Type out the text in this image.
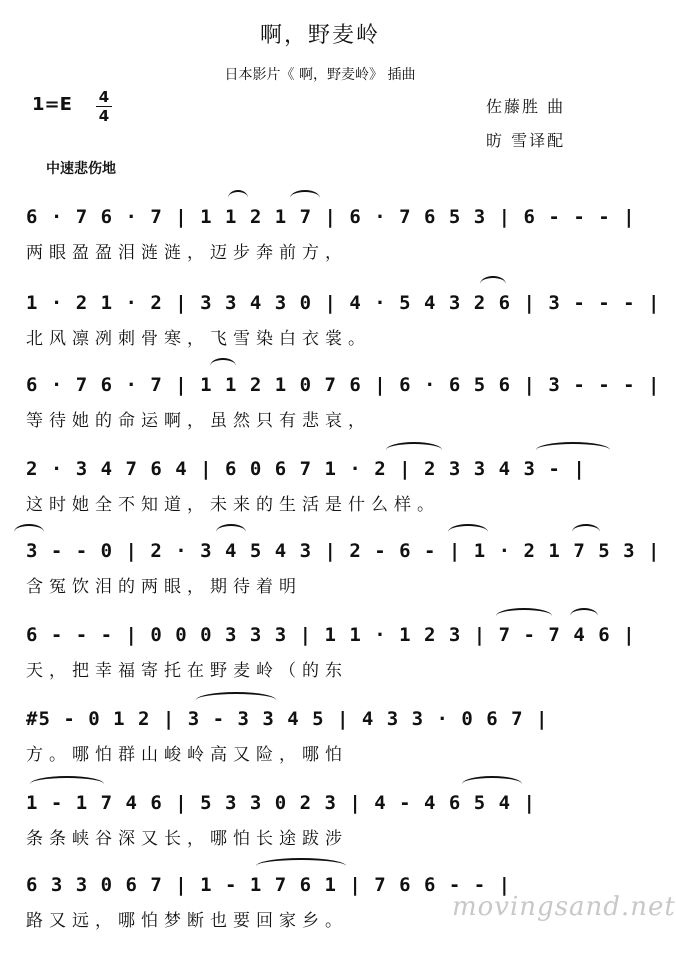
啊，野麦岭
日本影片《 啊，野麦岭》 插曲
1=E 4
4	佐藤胜 曲
昉 雪译配
中速悲伤地
6 · 7 6 · 7 | 1 1 2 1 7 | 6 · 7 6 5 3 | 6 - - - |
两眼盈盈泪涟涟，迈步奔前方，
1 · 2 1 · 2 | 3 3 4 3 0 | 4 · 5 4 3 2 6 | 3 - - - |
北风凛冽刺骨寒，飞雪染白衣裳。
6 · 7 6 · 7 | 1 1 2 1 0 7 6 | 6 · 6 5 6 | 3 - - - |
等待她的命运啊，虽然只有悲哀，
2 · 3 4 7 6 4 | 6 0 6 7 1 · 2 | 2 3 3 4 3 - |
这时她全不知道，未来的生活是什么样。
3 - - 0 | 2 · 3 4 5 4 3 | 2 - 6 - | 1 · 2 1 7 5 3 |
含冤饮泪的两眼，期待着明
6 - - - | 0 0 0 3 3 3 | 1 1 · 1 2 3 | 7 - 7 4 6 |
天，把幸福寄托在野麦岭（的东
#5 - 0 1 2 | 3 - 3 3 4 5 | 4 3 3 · 0 6 7 |
方。哪怕群山峻岭高又险，哪怕
1 - 1 7 4 6 | 5 3 3 0 2 3 | 4 - 4 6 5 4 |
条条峡谷深又长，哪怕长途跋涉
6 3 3 0 6 7 | 1 - 1 7 6 1 | 7 6 6 - - |
路又远，哪怕梦断也要回家乡。	movingsand.net
